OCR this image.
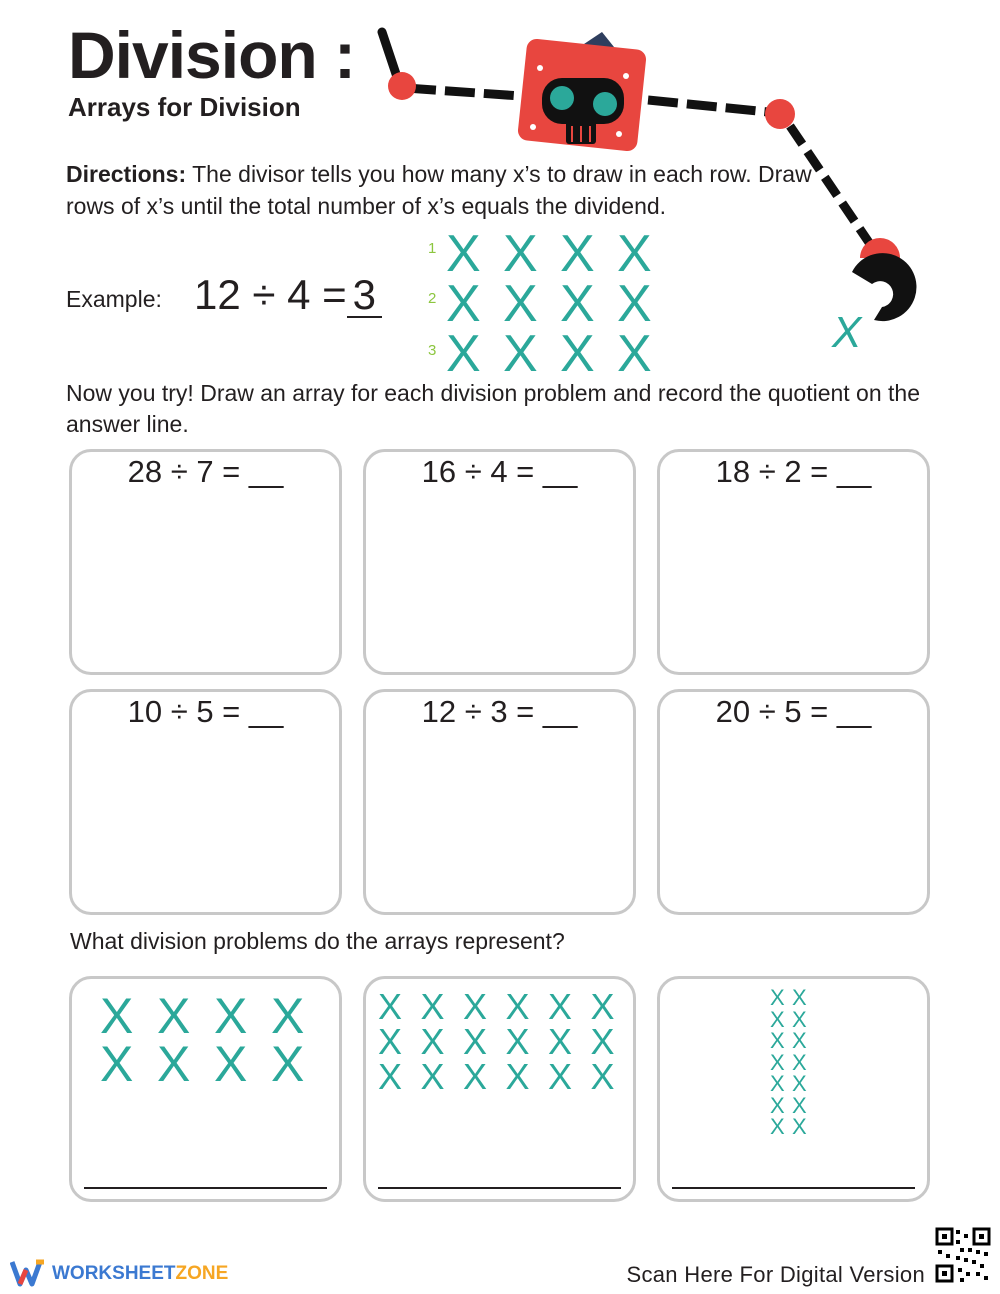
Division :
Arrays for Division
X
Directions: The divisor tells you how many x’s to draw in each row. Draw rows of x’s until the total number of x’s equals the dividend.
Example: 12 ÷ 4 = 3
1
2
3
X X X X
X X X X
X X X X
Now you try! Draw an array for each division problem and record the quotient on the answer line.
28 ÷ 7 = __	16 ÷ 4 = __	18 ÷ 2 = __
10 ÷ 5 = __	12 ÷ 3 = __	20 ÷ 5 = __
What division problems do the arrays represent?
X X X X
X X X X
X X X X X X
X X X X X X
X X X X X X
X X
X X
X X
X X
X X
X X
X X
WORKSHEETZONE	Scan Here For Digital Version
